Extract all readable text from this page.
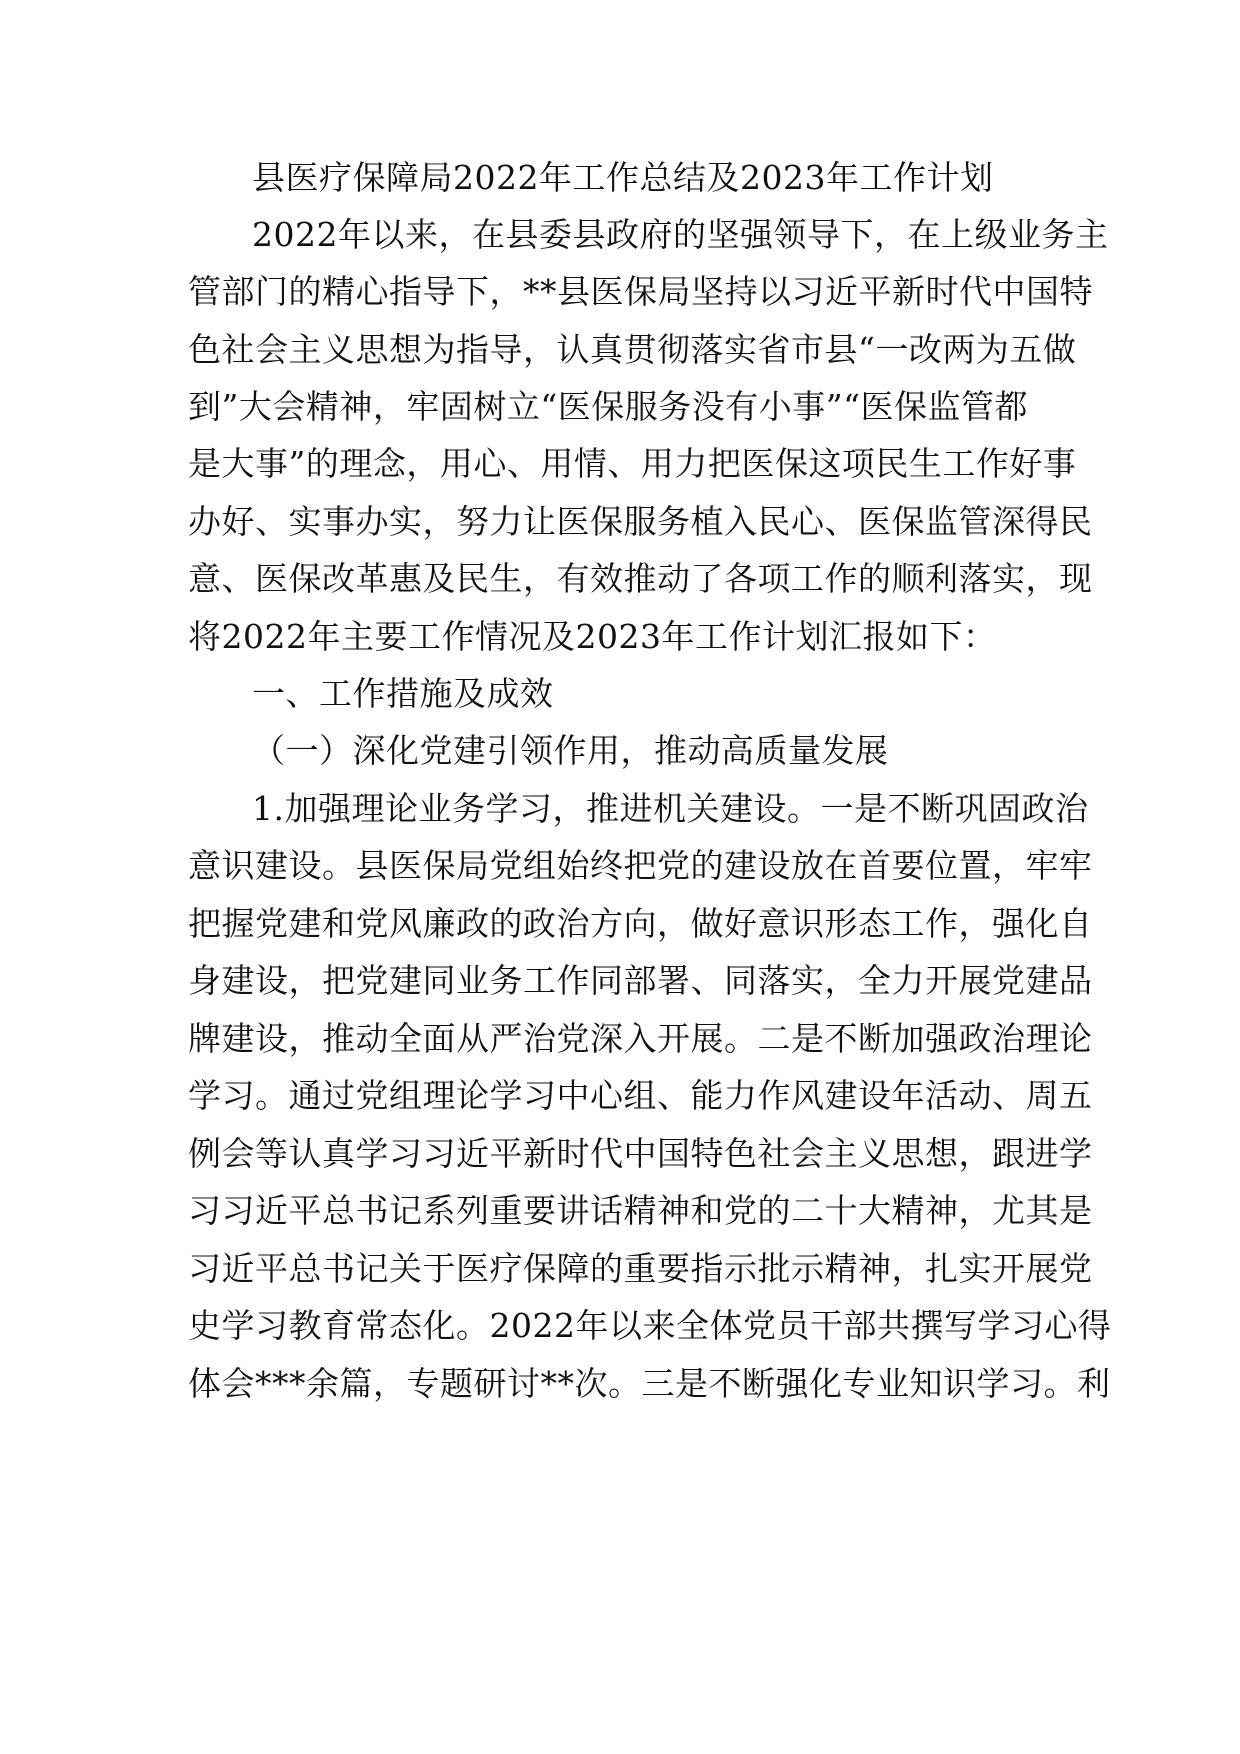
县医疗保障局2022年工作总结及2023年工作计划
2022年以来，在县委县政府的坚强领导下，在上级业务主
管部门的精心指导下，**县医保局坚持以习近平新时代中国特
色社会主义思想为指导，认真贯彻落实省市县“一改两为五做
到”大会精神，牢固树立“医保服务没有小事”“医保监管都
是大事”的理念，用心、用情、用力把医保这项民生工作好事
办好、实事办实，努力让医保服务植入民心、医保监管深得民
意、医保改革惠及民生，有效推动了各项工作的顺利落实，现
将2022年主要工作情况及2023年工作计划汇报如下：
一、工作措施及成效
（一）深化党建引领作用，推动高质量发展
1.加强理论业务学习，推进机关建设。一是不断巩固政治
意识建设。县医保局党组始终把党的建设放在首要位置，牢牢
把握党建和党风廉政的政治方向，做好意识形态工作，强化自
身建设，把党建同业务工作同部署、同落实，全力开展党建品
牌建设，推动全面从严治党深入开展。二是不断加强政治理论
学习。通过党组理论学习中心组、能力作风建设年活动、周五
例会等认真学习习近平新时代中国特色社会主义思想，跟进学
习习近平总书记系列重要讲话精神和党的二十大精神，尤其是
习近平总书记关于医疗保障的重要指示批示精神，扎实开展党
史学习教育常态化。2022年以来全体党员干部共撰写学习心得
体会***余篇，专题研讨**次。三是不断强化专业知识学习。利
